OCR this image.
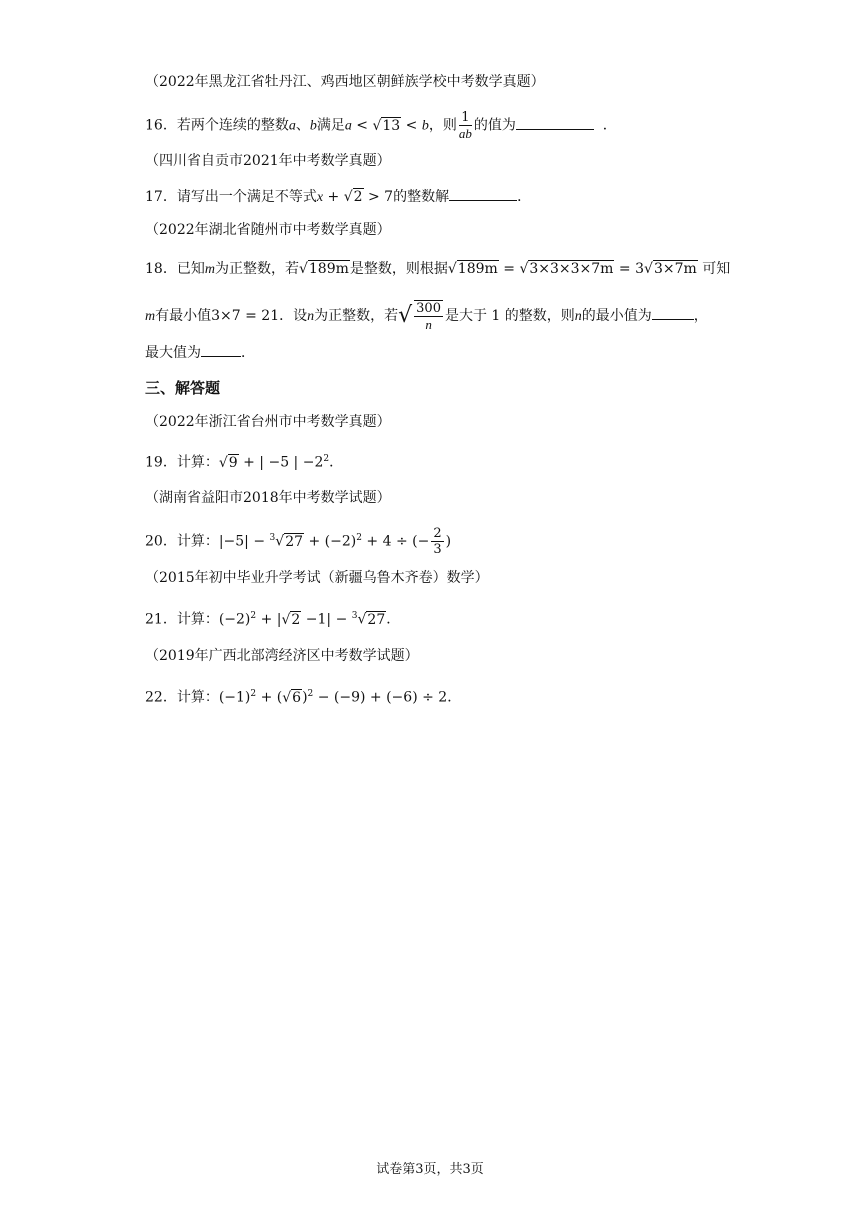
（2022年黑龙江省牡丹江、鸡西地区朝鲜族学校中考数学真题）
16．若两个连续的整数a、b满足a < √13 < b，则 $\frac{1}{ab}$ 的值为	．
（四川省自贡市2021年中考数学真题）
17．请写出一个满足不等式x + √2 > 7的整数解	．
（2022年湖北省随州市中考数学真题）
18．已知m为正整数，若√189m是整数，则根据√189m = √3×3×3×7m = 3√3×7m 可知
m有最小值3×7 = 21．设n为正整数，若√ $\frac{300}{n}$ 是大于 1 的整数，则n的最小值为	，
最大值为	．
三、解答题
（2022年浙江省台州市中考数学真题）
19．计算：√9 + | −5 | $-2^2$．
（湖南省益阳市2018年中考数学试题）
20．计算：$|-5| - ^3√27 + (-2)^2 + 4$ ÷ (− $\frac{2}{3}$ )
（2015年初中毕业升学考试（新疆乌鲁木齐卷）数学）
21．计算：$(-2)^2 + |√2 -1| - ^3√27$．
（2019年广西北部湾经济区中考数学试题）
22．计算：$(-1)^2 + (√6)^2 - (-9) + (-6) \div 2$．
试卷第3页，共3页
